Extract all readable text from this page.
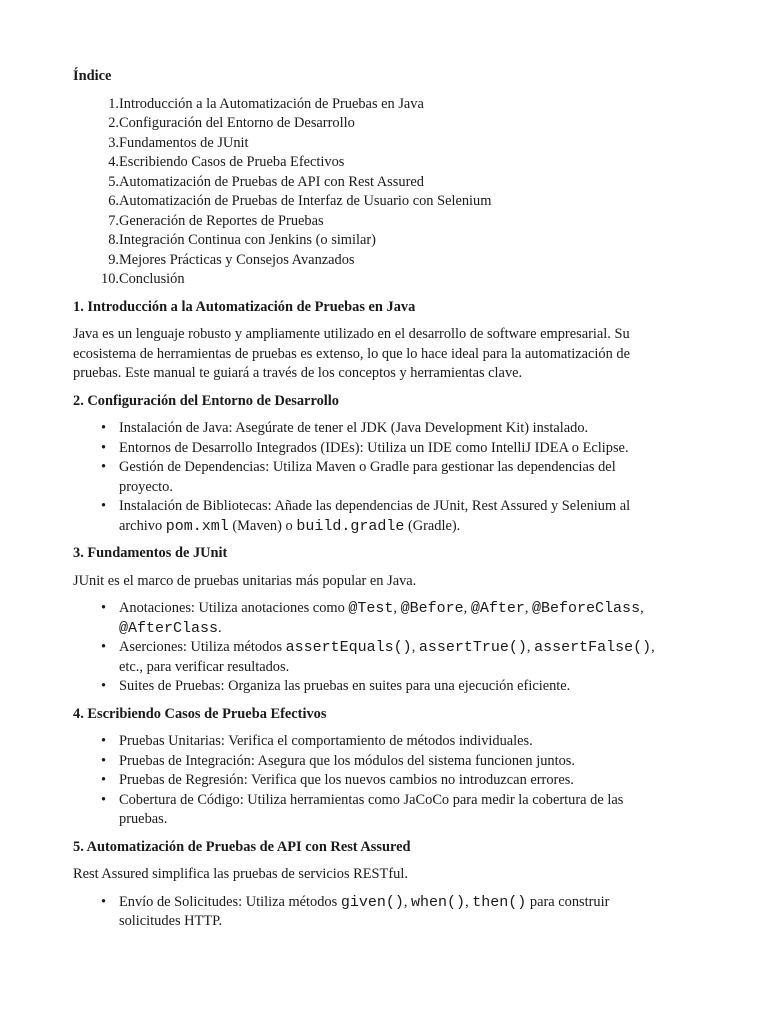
Índice
1. Introducción a la Automatización de Pruebas en Java
2. Configuración del Entorno de Desarrollo
3. Fundamentos de JUnit
4. Escribiendo Casos de Prueba Efectivos
5. Automatización de Pruebas de API con Rest Assured
6. Automatización de Pruebas de Interfaz de Usuario con Selenium
7. Generación de Reportes de Pruebas
8. Integración Continua con Jenkins (o similar)
9. Mejores Prácticas y Consejos Avanzados
10. Conclusión
1. Introducción a la Automatización de Pruebas en Java

Java es un lenguaje robusto y ampliamente utilizado en el desarrollo de software empresarial. Su ecosistema de herramientas de pruebas es extenso, lo que lo hace ideal para la automatización de pruebas. Este manual te guiará a través de los conceptos y herramientas clave.

2. Configuración del Entorno de Desarrollo
• Instalación de Java: Asegúrate de tener el JDK (Java Development Kit) instalado.
• Entornos de Desarrollo Integrados (IDEs): Utiliza un IDE como IntelliJ IDEA o Eclipse.
• Gestión de Dependencias: Utiliza Maven o Gradle para gestionar las dependencias del proyecto.
• Instalación de Bibliotecas: Añade las dependencias de JUnit, Rest Assured y Selenium al archivo pom.xml (Maven) o build.gradle (Gradle).
3. Fundamentos de JUnit

JUnit es el marco de pruebas unitarias más popular en Java.

• Anotaciones: Utiliza anotaciones como @Test, @Before, @After, @BeforeClass, @AfterClass.
• Aserciones: Utiliza métodos assertEquals(), assertTrue(), assertFalse(), etc., para verificar resultados.
• Suites de Pruebas: Organiza las pruebas en suites para una ejecución eficiente.
4. Escribiendo Casos de Prueba Efectivos
• Pruebas Unitarias: Verifica el comportamiento de métodos individuales.
• Pruebas de Integración: Asegura que los módulos del sistema funcionen juntos.
• Pruebas de Regresión: Verifica que los nuevos cambios no introduzcan errores.
• Cobertura de Código: Utiliza herramientas como JaCoCo para medir la cobertura de las pruebas.
5. Automatización de Pruebas de API con Rest Assured

Rest Assured simplifica las pruebas de servicios RESTful.

• Envío de Solicitudes: Utiliza métodos given(), when(), then() para construir solicitudes HTTP.
